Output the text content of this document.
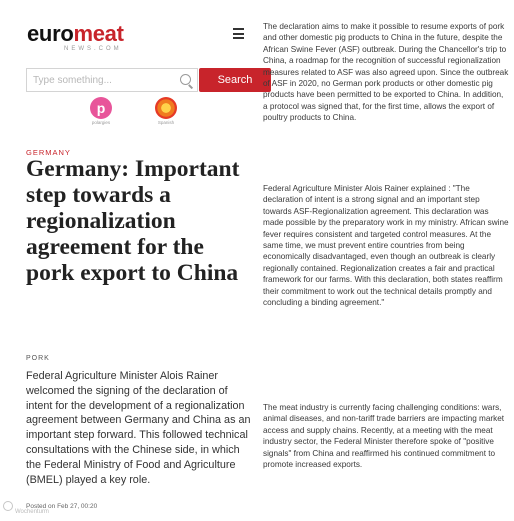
euromeat
NEWS.COM
Type something...
Search
p
polargies	Spanish
GERMANY
Germany: Important step towards a regionalization agreement for the pork export to China
PORK

Federal Agriculture Minister Alois Rainer welcomed the signing of the declaration of intent for the development of a regionalization agreement between Germany and China as an important step forward. This followed technical consultations with the Chinese side, in which the Federal Ministry of Food and Agriculture (BMEL) played a key role.

Posted on Feb 27, 00:20
Wochenturm

The declaration aims to make it possible to resume exports of pork and other domestic pig products to China in the future, despite the African Swine Fever (ASF) outbreak. During the Chancellor's trip to China, a roadmap for the recognition of successful regionalization measures related to ASF was also agreed upon. Since the outbreak of ASF in 2020, no German pork products or other domestic pig products have been permitted to be exported to China. In addition, a protocol was signed that, for the first time, allows the export of poultry products to China.

Federal Agriculture Minister Alois Rainer explained : "The declaration of intent is a strong signal and an important step towards ASF-Regionalization agreement. This declaration was made possible by the preparatory work in my ministry. African swine fever requires consistent and targeted control measures. At the same time, we must prevent entire countries from being economically disadvantaged, even though an outbreak is clearly regionally contained. Regionalization creates a fair and practical framework for our farms. With this declaration, both states reaffirm their commitment to work out the technical details promptly and concluding a binding agreement."

The meat industry is currently facing challenging conditions: wars, animal diseases, and non-tariff trade barriers are impacting market access and supply chains. Recently, at a meeting with the meat industry sector, the Federal Minister therefore spoke of "positive signals" from China and reaffirmed his continued commitment to promote increased exports.
